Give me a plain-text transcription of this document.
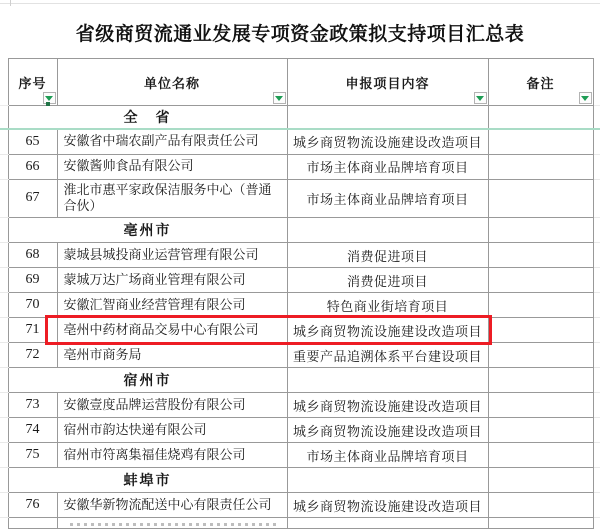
省级商贸流通业发展专项资金政策拟支持项目汇总表
	序号	单位名称	申报项目内容	备注

	全　省				
	65	安徽省中瑞农副产品有限责任公司	城乡商贸物流设施建设改造项目		
	66	安徽酱帅食品有限公司	市场主体商业品牌培育项目		
	67	淮北市惠平家政保洁服务中心（普通合伙）	市场主体商业品牌培育项目		
	亳州市				
	68	蒙城县城投商业运营管理有限公司	消费促进项目		
	69	蒙城万达广场商业管理有限公司	消费促进项目		
	70	安徽汇智商业经营管理有限公司	特色商业街培育项目		
	71	亳州中药材商品交易中心有限公司	城乡商贸物流设施建设改造项目		
	72	亳州市商务局	重要产品追溯体系平台建设项目		
	宿州市				
	73	安徽壹度品牌运营股份有限公司	城乡商贸物流设施建设改造项目		
	74	宿州市韵达快递有限公司	城乡商贸物流设施建设改造项目		
	75	宿州市符离集福佳烧鸡有限公司	市场主体商业品牌培育项目		
	蚌埠市				
	76	安徽华新物流配送中心有限责任公司	城乡商贸物流设施建设改造项目		
